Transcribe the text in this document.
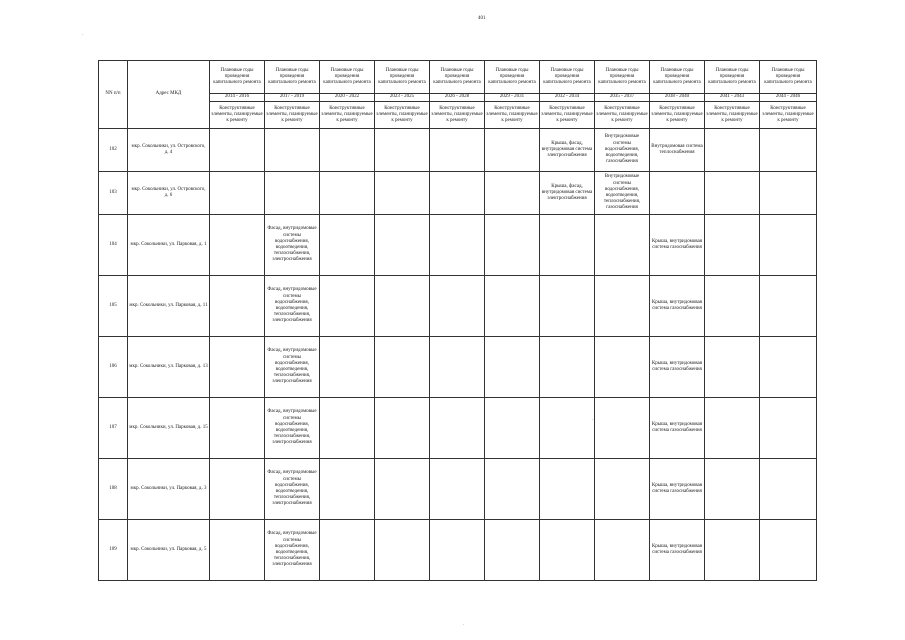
401
NN п/п	Адрес МКД	Плановые годы проведения капитального ремонта	Плановые годы проведения капитального ремонта	Плановые годы проведения капитального ремонта	Плановые годы проведения капитального ремонта	Плановые годы проведения капитального ремонта	Плановые годы проведения капитального ремонта	Плановые годы проведения капитального ремонта	Плановые годы проведения капитального ремонта	Плановые годы проведения капитального ремонта	Плановые годы проведения капитального ремонта	Плановые годы проведения капитального ремонта
		2014 - 2016	2017 - 2019	2020 - 2022	2023 - 2025	2026 - 2028	2029 - 2031	2032 - 2034	2035 - 2037	2038 - 2040	2041 - 2043	2044 - 2046
		Конструктивные элементы, планируемые к ремонту	Конструктивные элементы, планируемые к ремонту	Конструктивные элементы, планируемые к ремонту	Конструктивные элементы, планируемые к ремонту	Конструктивные элементы, планируемые к ремонту	Конструктивные элементы, планируемые к ремонту	Конструктивные элементы, планируемые к ремонту	Конструктивные элементы, планируемые к ремонту	Конструктивные элементы, планируемые к ремонту	Конструктивные элементы, планируемые к ремонту	Конструктивные элементы, планируемые к ремонту
102	мкр. Сокольники, ул. Островского, д. 4							Крыша, фасад, внутридомовая система электроснабжения	Внутридомовые системы водоснабжения, водоотведения, газоснабжения	Внутридомовая система теплоснабжения		
103	мкр. Сокольники, ул. Островского, д. 6							Крыша, фасад, внутридомовая система электроснабжения	Внутридомовые системы водоснабжения, водоотведения, теплоснабжения, газоснабжения			
104	мкр. Сокольники, ул. Парковая, д. 1		Фасад, внутридомовые системы водоснабжения, водоотведения, теплоснабжения, электроснабжения							Крыша, внутридомовая система газоснабжения		
105	мкр. Сокольники, ул. Парковая, д. 11		Фасад, внутридомовые системы водоснабжения, водоотведения, теплоснабжения, электроснабжения							Крыша, внутридомовая система газоснабжения		
106	мкр. Сокольники, ул. Парковая, д. 13		Фасад, внутридомовые системы водоснабжения, водоотведения, теплоснабжения, электроснабжения							Крыша, внутридомовая система газоснабжения		
107	мкр. Сокольники, ул. Парковая, д. 15		Фасад, внутридомовые системы водоснабжения, водоотведения, теплоснабжения, электроснабжения							Крыша, внутридомовая система газоснабжения		
108	мкр. Сокольники, ул. Парковая, д. 3		Фасад, внутридомовые системы водоснабжения, водоотведения, теплоснабжения, электроснабжения							Крыша, внутридомовая система газоснабжения		
109	мкр. Сокольники, ул. Парковая, д. 5		Фасад, внутридомовые системы водоснабжения, водоотведения, теплоснабжения, электроснабжения							Крыша, внутридомовая система газоснабжения		
·
·
·
